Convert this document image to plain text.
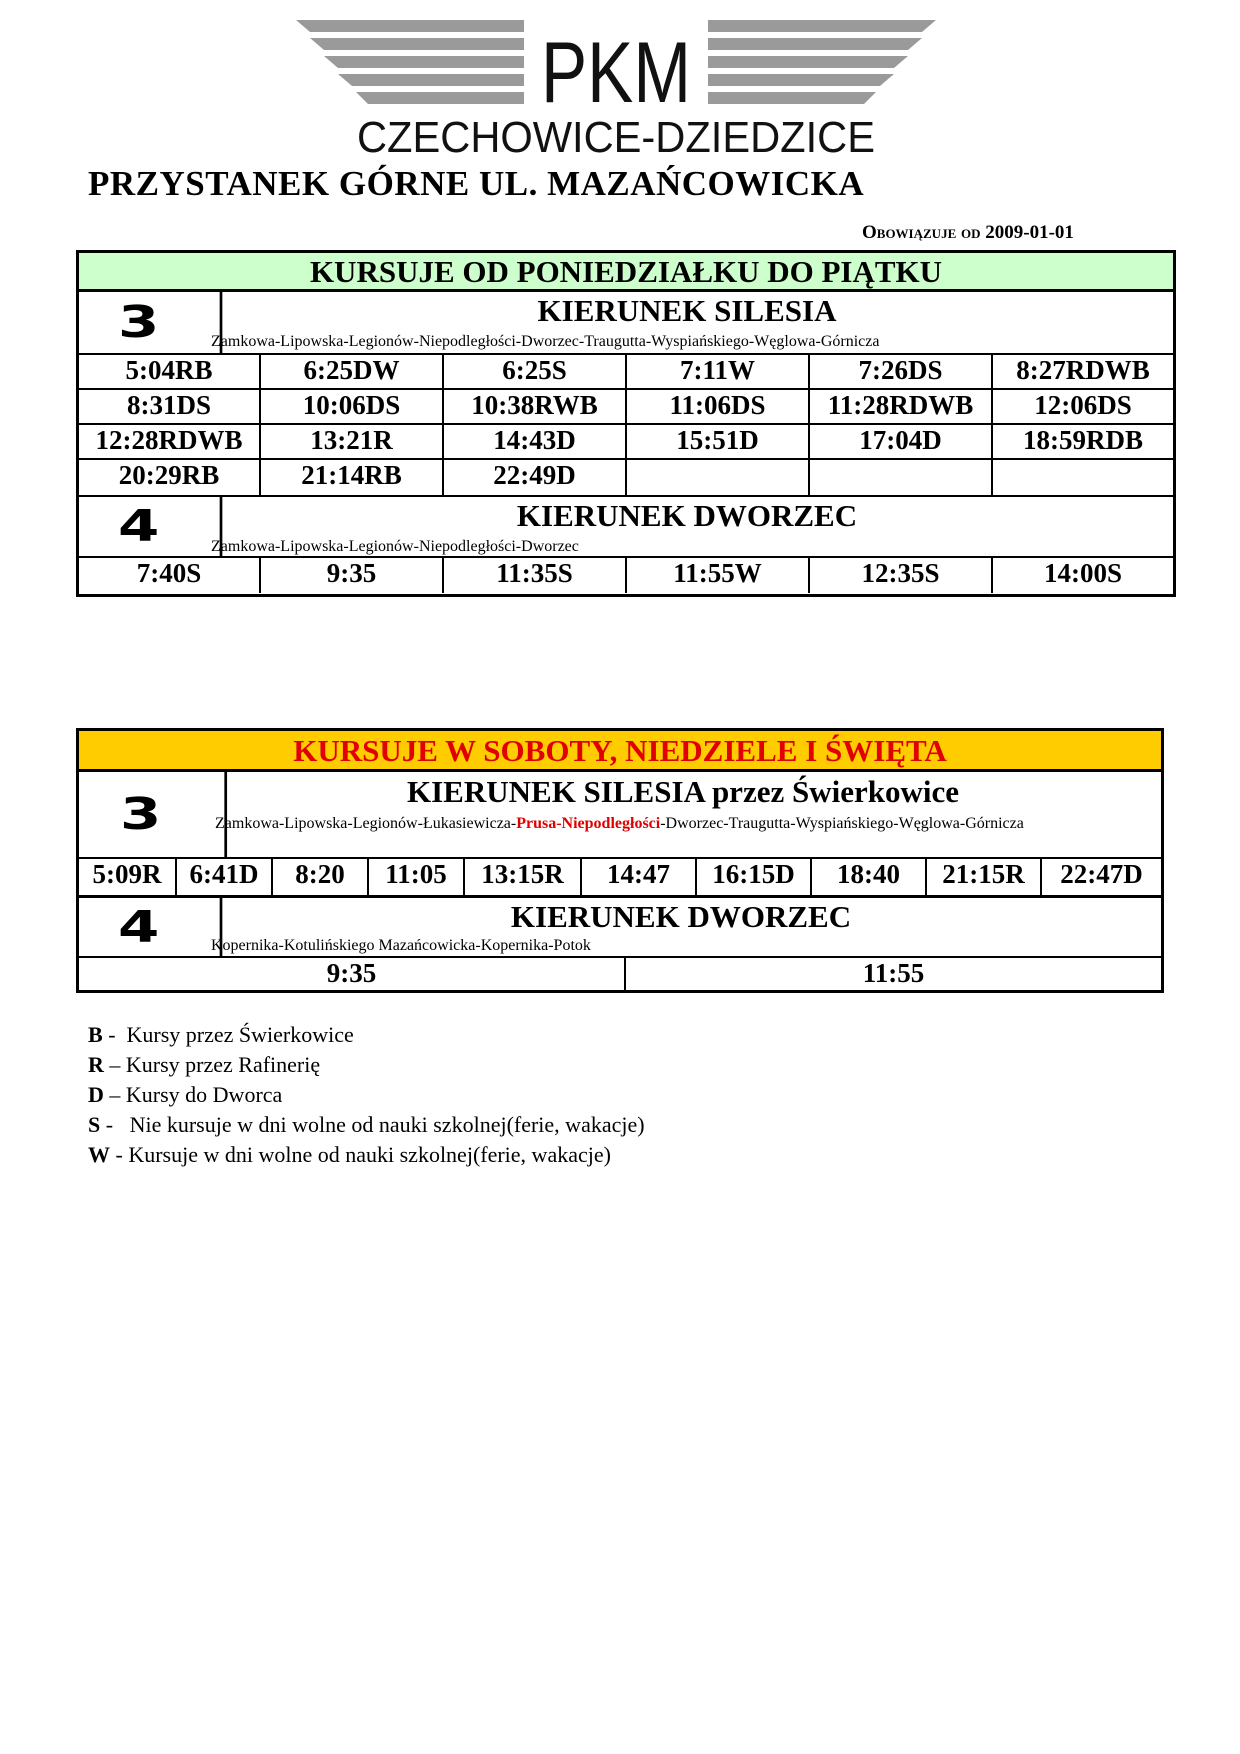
PKM
CZECHOWICE-DZIEDZICE
PRZYSTANEK GÓRNE UL. MAZAŃCOWICKA
Obowiązuje od 2009-01-01
KURSUJE OD PONIEDZIAŁKU DO PIĄTKU
3	KIERUNEK SILESIA
Zamkowa-Lipowska-Legionów-Niepodległości-Dworzec-Traugutta-Wyspiańskiego-Węglowa-Górnicza
5:04RB	6:25DW	6:25S	7:11W	7:26DS	8:27RDWB
8:31DS	10:06DS	10:38RWB	11:06DS	11:28RDWB	12:06DS
12:28RDWB	13:21R	14:43D	15:51D	17:04D	18:59RDB
20:29RB	21:14RB	22:49D
4	KIERUNEK DWORZEC
Zamkowa-Lipowska-Legionów-Niepodległości-Dworzec
7:40S	9:35	11:35S	11:55W	12:35S	14:00S
KURSUJE W SOBOTY, NIEDZIELE I ŚWIĘTA
3	KIERUNEK SILESIA przez Świerkowice
Zamkowa-Lipowska-Legionów-Łukasiewicza-Prusa-Niepodległości-Dworzec-Traugutta-Wyspiańskiego-Węglowa-Górnicza
5:09R	6:41D	8:20	11:05	13:15R	14:47	16:15D	18:40	21:15R	22:47D
4	KIERUNEK DWORZEC
Kopernika-Kotulińskiego Mazańcowicka-Kopernika-Potok
9:35	11:55
B -  Kursy przez Świerkowice
R – Kursy przez Rafinerię
D – Kursy do Dworca
S -   Nie kursuje w dni wolne od nauki szkolnej(ferie, wakacje)
W - Kursuje w dni wolne od nauki szkolnej(ferie, wakacje)
